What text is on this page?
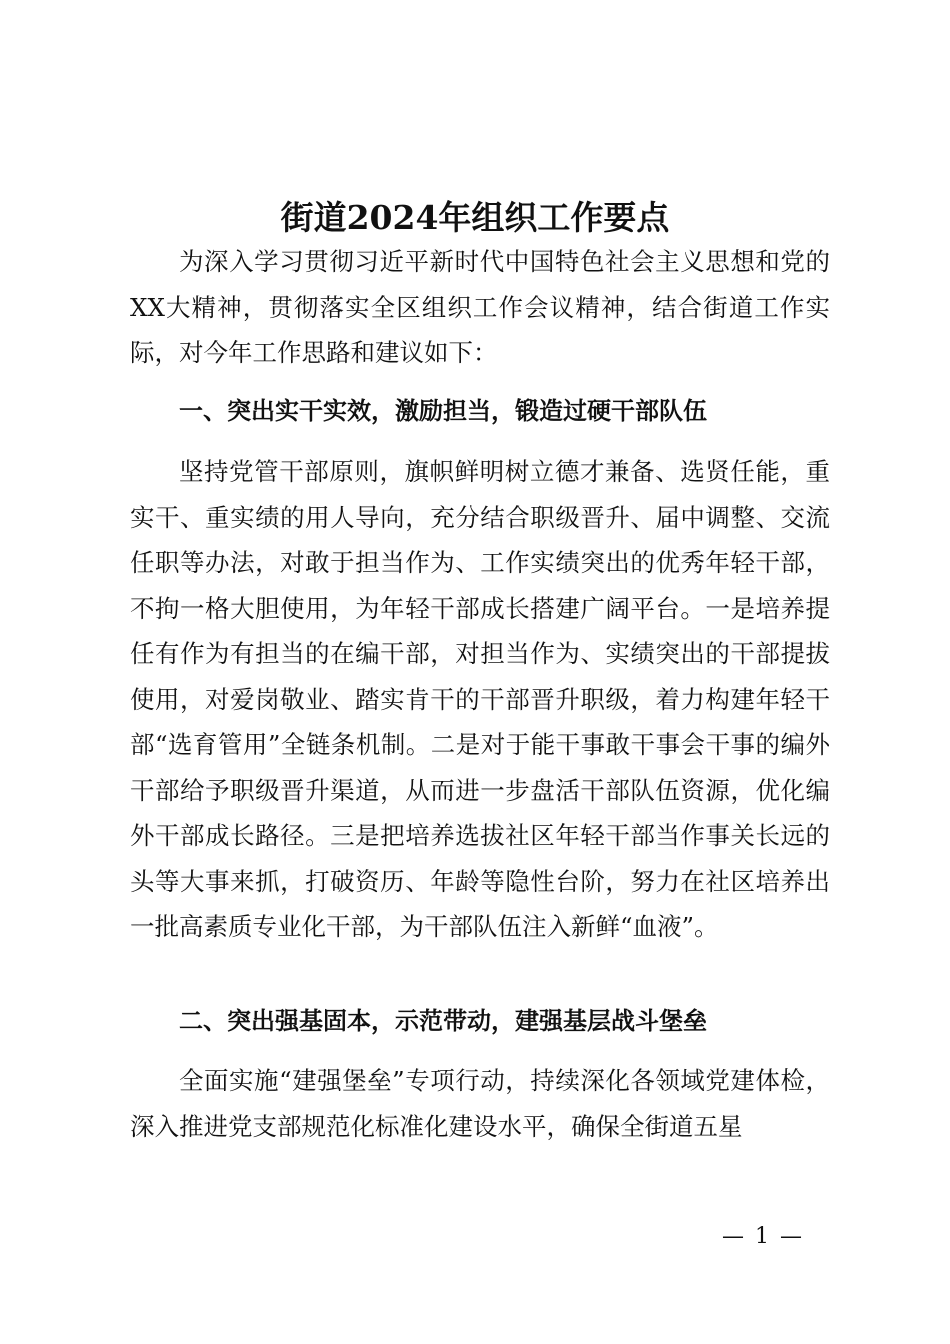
街道2024年组织工作要点

为深入学习贯彻习近平新时代中国特色社会主义思想和党的XX大精神，贯彻落实全区组织工作会议精神，结合街道工作实际，对今年工作思路和建议如下：

一、突出实干实效，激励担当，锻造过硬干部队伍

坚持党管干部原则，旗帜鲜明树立德才兼备、选贤任能，重实干、重实绩的用人导向，充分结合职级晋升、届中调整、交流任职等办法，对敢于担当作为、工作实绩突出的优秀年轻干部，不拘一格大胆使用，为年轻干部成长搭建广阔平台。一是培养提任有作为有担当的在编干部，对担当作为、实绩突出的干部提拔使用，对爱岗敬业、踏实肯干的干部晋升职级，着力构建年轻干部“选育管用”全链条机制。二是对于能干事敢干事会干事的编外干部给予职级晋升渠道，从而进一步盘活干部队伍资源，优化编外干部成长路径。三是把培养选拔社区年轻干部当作事关长远的头等大事来抓，打破资历、年龄等隐性台阶，努力在社区培养出一批高素质专业化干部，为干部队伍注入新鲜“血液”。

二、突出强基固本，示范带动，建强基层战斗堡垒

全面实施“建强堡垒”专项行动，持续深化各领域党建体检，深入推进党支部规范化标准化建设水平，确保全街道五星

— 1 —
